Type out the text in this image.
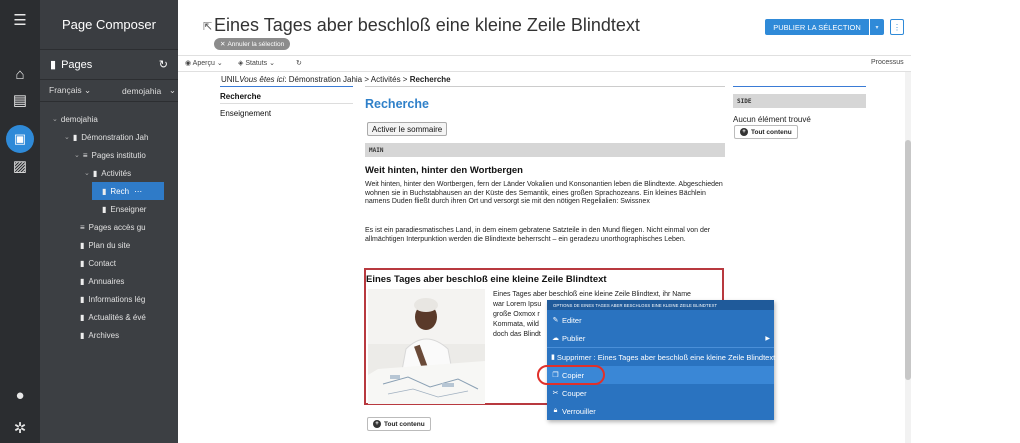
☰
⌂
▤
▣
▨
●
✲
Page Composer
▮ Pages	↻
Français ⌄	demojahia ⌄
⌄ demojahia
⌄ ▮ Démonstration Jah
⌄ ≡ Pages institutio
⌄ ▮ Activités
▮ Rech ⋯
▮ Enseigner
≡ Pages accès gu
▮ Plan du site
▮ Contact
▮ Annuaires
▮ Informations lég
▮ Actualités & évé
▮ Archives
⇱ Eines Tages aber beschloß eine kleine Zeile Blindtext
✕ Annuler la sélection
PUBLIER LA SÉLECTION	▾	⋮
◉ Aperçu ⌄ ◈ Statuts ⌄	↻	Processus
UNILVous êtes ici: Démonstration Jahia > Activités > Recherche
Recherche
Enseignement
Recherche
Activer le sommaire
MAIN
Weit hinten, hinter den Wortbergen
Weit hinten, hinter den Wortbergen, fern der Länder Vokalien und Konsonantien leben die Blindtexte. Abgeschieden wohnen sie in Buchstabhausen an der Küste des Semantik, eines großen Sprachozeans. Ein kleines Bächlein namens Duden fließt durch ihren Ort und versorgt sie mit den nötigen Regelialien: Swissnex
Es ist ein paradiesmatisches Land, in dem einem gebratene Satzteile in den Mund fliegen. Nicht einmal von der allmächtigen Interpunktion werden die Blindtexte beherrscht – ein geradezu unorthographisches Leben.
Eines Tages aber beschloß eine kleine Zeile Blindtext
Eines Tages aber beschloß eine kleine Zeile Blindtext, ihr Name
war Lorem Ipsu
große Oxmox r
Kommata, wild
doch das Blindt
+ Tout contenu
SIDE
Aucun élément trouvé
+ Tout contenu
OPTIONS DE EINES TAGES ABER BESCHLOSS EINE KLEINE ZEILE BLINDTEXT
✎ Editer
☁ Publier	▶
▮ Supprimer : Eines Tages aber beschloß eine kleine Zeile Blindtext
❐ Copier
✂ Couper
🔒︎ Verrouiller
